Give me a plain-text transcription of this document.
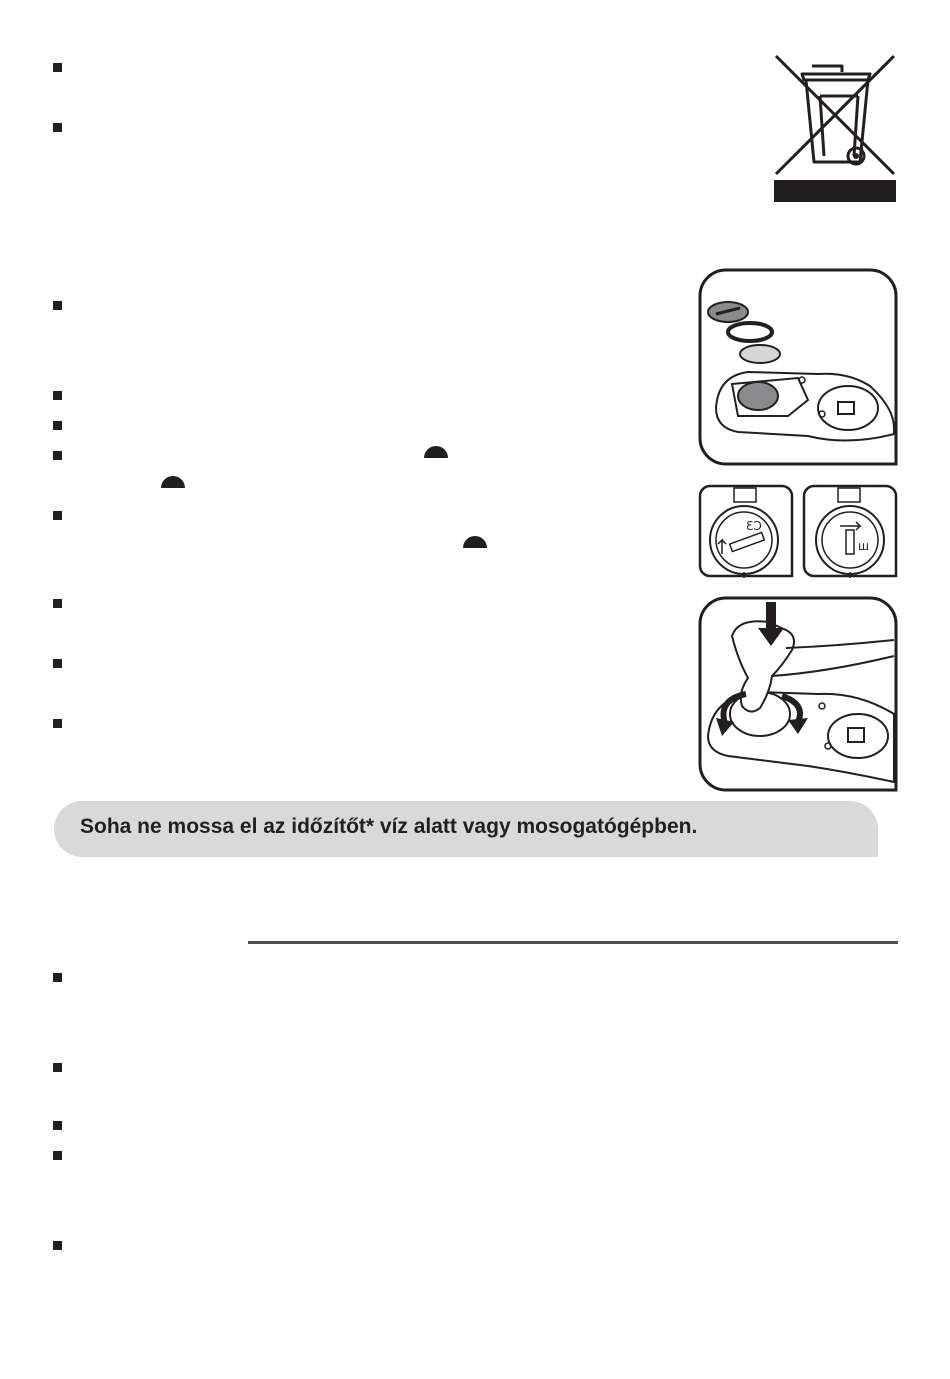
ƐƆ
ꟺ
Soha ne mossa el az időzítőt* víz alatt vagy mosogatógépben.
